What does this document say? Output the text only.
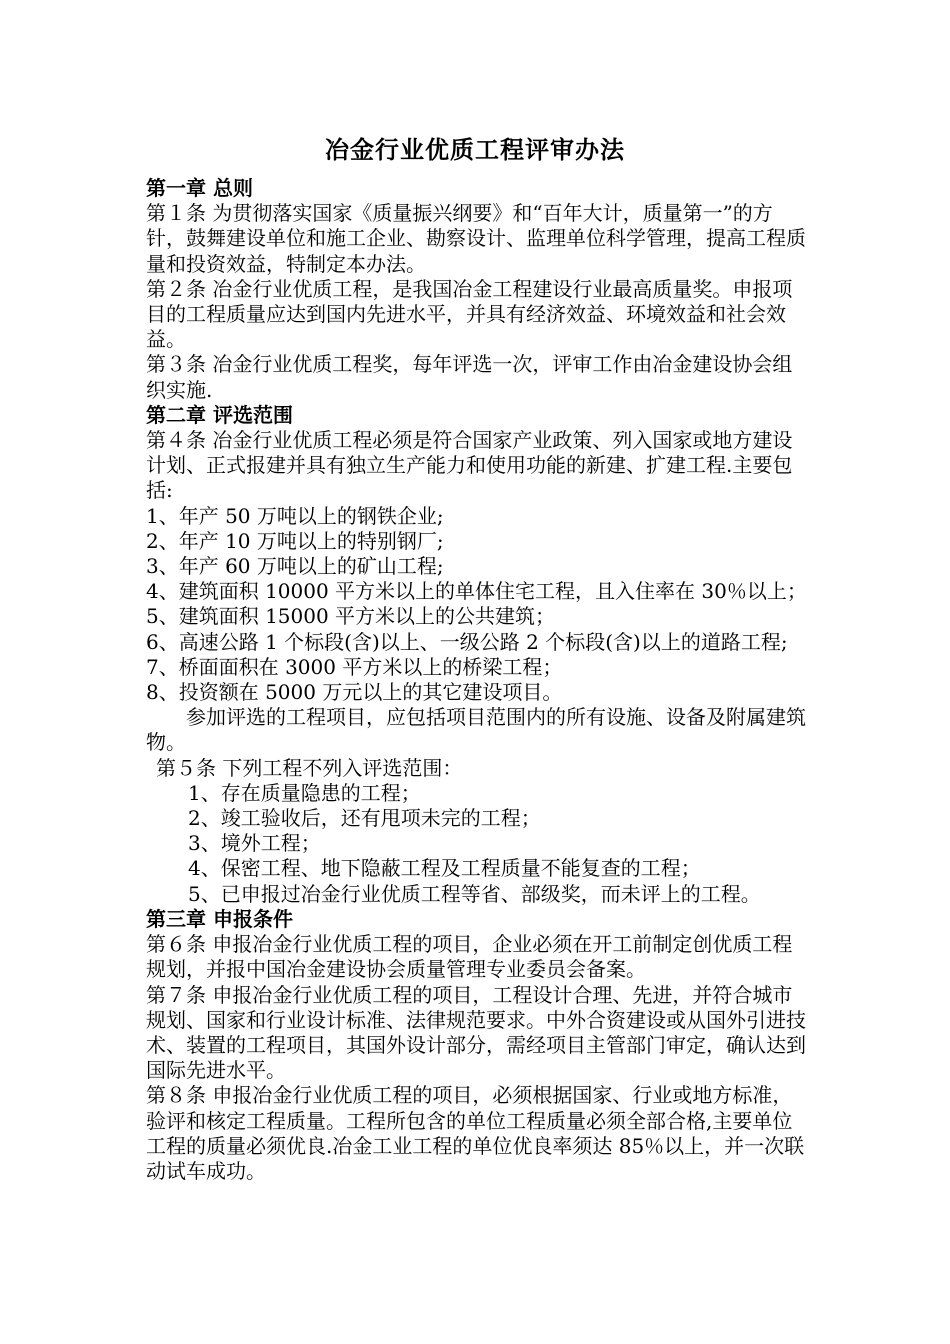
冶金行业优质工程评审办法

第一章 总则

第１条 为贯彻落实国家《质量振兴纲要》和“百年大计，质量第一”的方针，鼓舞建设单位和施工企业、勘察设计、监理单位科学管理，提高工程质量和投资效益，特制定本办法。

第２条 冶金行业优质工程，是我国冶金工程建设行业最高质量奖。申报项目的工程质量应达到国内先进水平，并具有经济效益、环境效益和社会效益。

第３条 冶金行业优质工程奖，每年评选一次，评审工作由冶金建设协会组织实施.

第二章 评选范围

第４条 冶金行业优质工程必须是符合国家产业政策、列入国家或地方建设计划、正式报建并具有独立生产能力和使用功能的新建、扩建工程.主要包括:

1、年产 50 万吨以上的钢铁企业;

2、年产 10 万吨以上的特别钢厂;

3、年产 60 万吨以上的矿山工程;

4、建筑面积 10000 平方米以上的单体住宅工程，且入住率在 30％以上；

5、建筑面积 15000 平方米以上的公共建筑；

6、高速公路 1 个标段(含)以上、一级公路 2 个标段(含)以上的道路工程;

7、桥面面积在 3000 平方米以上的桥梁工程；

8、投资额在 5000 万元以上的其它建设项目。

参加评选的工程项目，应包括项目范围内的所有设施、设备及附属建筑物。

第５条 下列工程不列入评选范围：

1、存在质量隐患的工程；

2、竣工验收后，还有甩项未完的工程；

3、境外工程；

4、保密工程、地下隐蔽工程及工程质量不能复查的工程；

5、已申报过冶金行业优质工程等省、部级奖，而未评上的工程。

第三章 申报条件

第６条 申报冶金行业优质工程的项目，企业必须在开工前制定创优质工程规划，并报中国冶金建设协会质量管理专业委员会备案。

第７条 申报冶金行业优质工程的项目，工程设计合理、先进，并符合城市规划、国家和行业设计标准、法律规范要求。中外合资建设或从国外引进技术、装置的工程项目，其国外设计部分，需经项目主管部门审定，确认达到国际先进水平。

第８条 申报冶金行业优质工程的项目，必须根据国家、行业或地方标准，验评和核定工程质量。工程所包含的单位工程质量必须全部合格,主要单位工程的质量必须优良.冶金工业工程的单位优良率须达 85％以上，并一次联动试车成功。
